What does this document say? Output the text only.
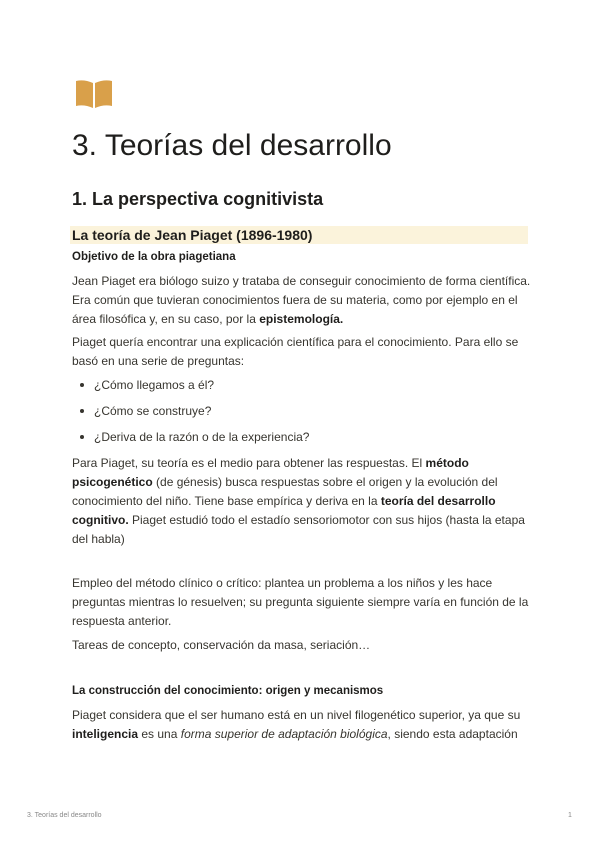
3. Teorías del desarrollo
1. La perspectiva cognitivista
La teoría de Jean Piaget (1896-1980)
Objetivo de la obra piagetiana

Jean Piaget era biólogo suizo y trataba de conseguir conocimiento de forma científica. Era común que tuvieran conocimientos fuera de su materia, como por ejemplo en el área filosófica y, en su caso, por la epistemología.

Piaget quería encontrar una explicación científica para el conocimiento. Para ello se basó en una serie de preguntas:

¿Cómo llegamos a él?
¿Cómo se construye?
¿Deriva de la razón o de la experiencia?

Para Piaget, su teoría es el medio para obtener las respuestas. El método psicogenético (de génesis) busca respuestas sobre el origen y la evolución del conocimiento del niño. Tiene base empírica y deriva en la teoría del desarrollo cognitivo. Piaget estudió todo el estadío sensoriomotor con sus hijos (hasta la etapa del habla)

Empleo del método clínico o crítico: plantea un problema a los niños y les hace preguntas mientras lo resuelven; su pregunta siguiente siempre varía en función de la respuesta anterior.

Tareas de concepto, conservación da masa, seriación…

La construcción del conocimiento: origen y mecanismos

Piaget considera que el ser humano está en un nivel filogenético superior, ya que su inteligencia es una forma superior de adaptación biológica, siendo esta adaptación

3. Teorías del desarrollo	1
